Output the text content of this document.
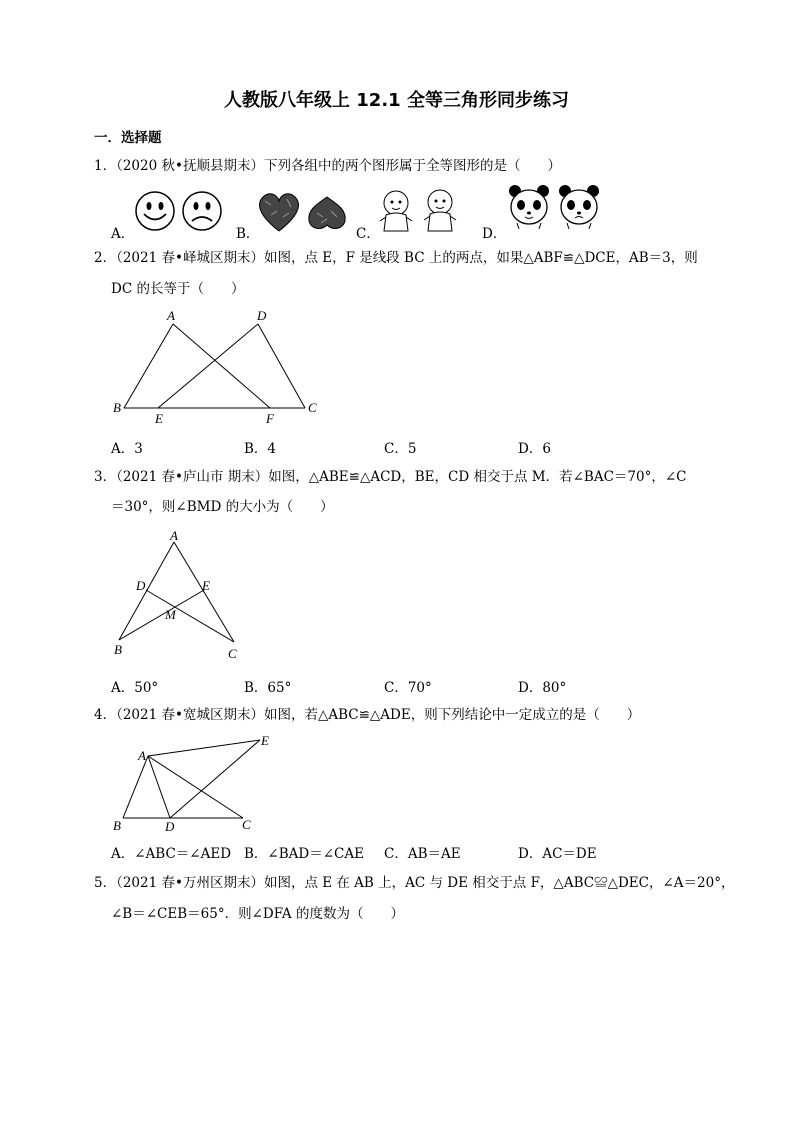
人教版八年级上 12.1 全等三角形同步练习
一．选择题
1．（2020 秋•抚顺县期末）下列各组中的两个图形属于全等图形的是（　　）
A．	B．	C．	D．
2．（2021 春•峄城区期末）如图，点 E，F 是线段 BC 上的两点，如果△ABF≌△DCE，AB＝3，则
DC 的长等于（　　）
A	D
B
E	F
C
A．3	B．4	C．5	D．6
3．（2021 春•庐山市 期末）如图，△ABE≌△ACD，BE，CD 相交于点 M．若∠BAC＝70°，∠C
＝30°，则∠BMD 的大小为（　　）
A
D	E
M
B	C
A．50°	B．65°	C．70°	D．80°
4．（2021 春•宽城区期末）如图，若△ABC≌△ADE，则下列结论中一定成立的是（　　）
A
E
B	D	C
A．∠ABC＝∠AED B．∠BAD＝∠CAE C．AB＝AE	D．AC＝DE
5．（2021 春•万州区期末）如图，点 E 在 AB 上，AC 与 DE 相交于点 F，△ABC≌△DEC，∠A＝20°，
∠B＝∠CEB＝65°．则∠DFA 的度数为（　　）
